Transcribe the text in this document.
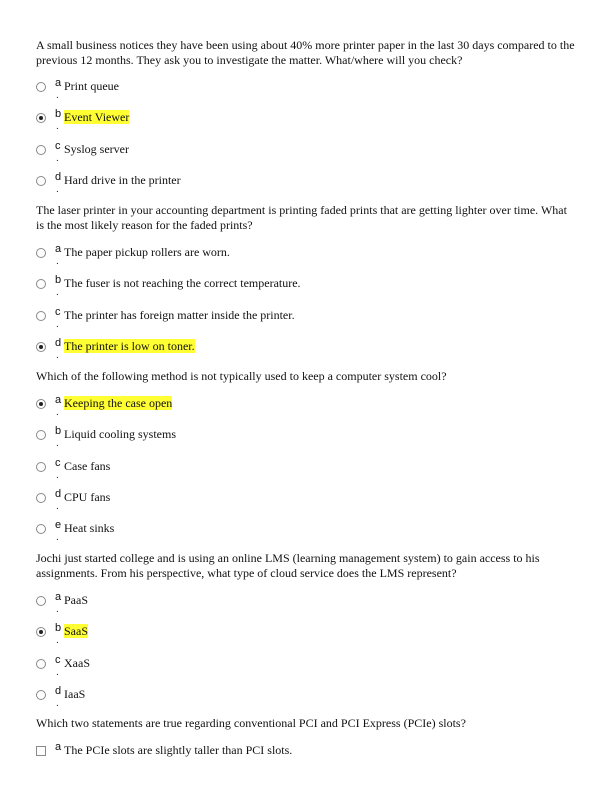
A small business notices they have been using about 40% more printer paper in the last 30 days compared to the previous 12 months. They ask you to investigate the matter. What/where will you check?
a
.
Print queue
b
.
Event Viewer
c
.
Syslog server
d
.
Hard drive in the printer
The laser printer in your accounting department is printing faded prints that are getting lighter over time. What is the most likely reason for the faded prints?
a
.
The paper pickup rollers are worn.
b
.
The fuser is not reaching the correct temperature.
c
.
The printer has foreign matter inside the printer.
d
.
The printer is low on toner.
Which of the following method is not typically used to keep a computer system cool?
a
.
Keeping the case open
b
.
Liquid cooling systems
c
.
Case fans
d
.
CPU fans
e
.
Heat sinks
Jochi just started college and is using an online LMS (learning management system) to gain access to his assignments. From his perspective, what type of cloud service does the LMS represent?
a
.
PaaS
b
.
SaaS
c
.
XaaS
d
.
IaaS
Which two statements are true regarding conventional PCI and PCI Express (PCIe) slots?
a The PCIe slots are slightly taller than PCI slots.
